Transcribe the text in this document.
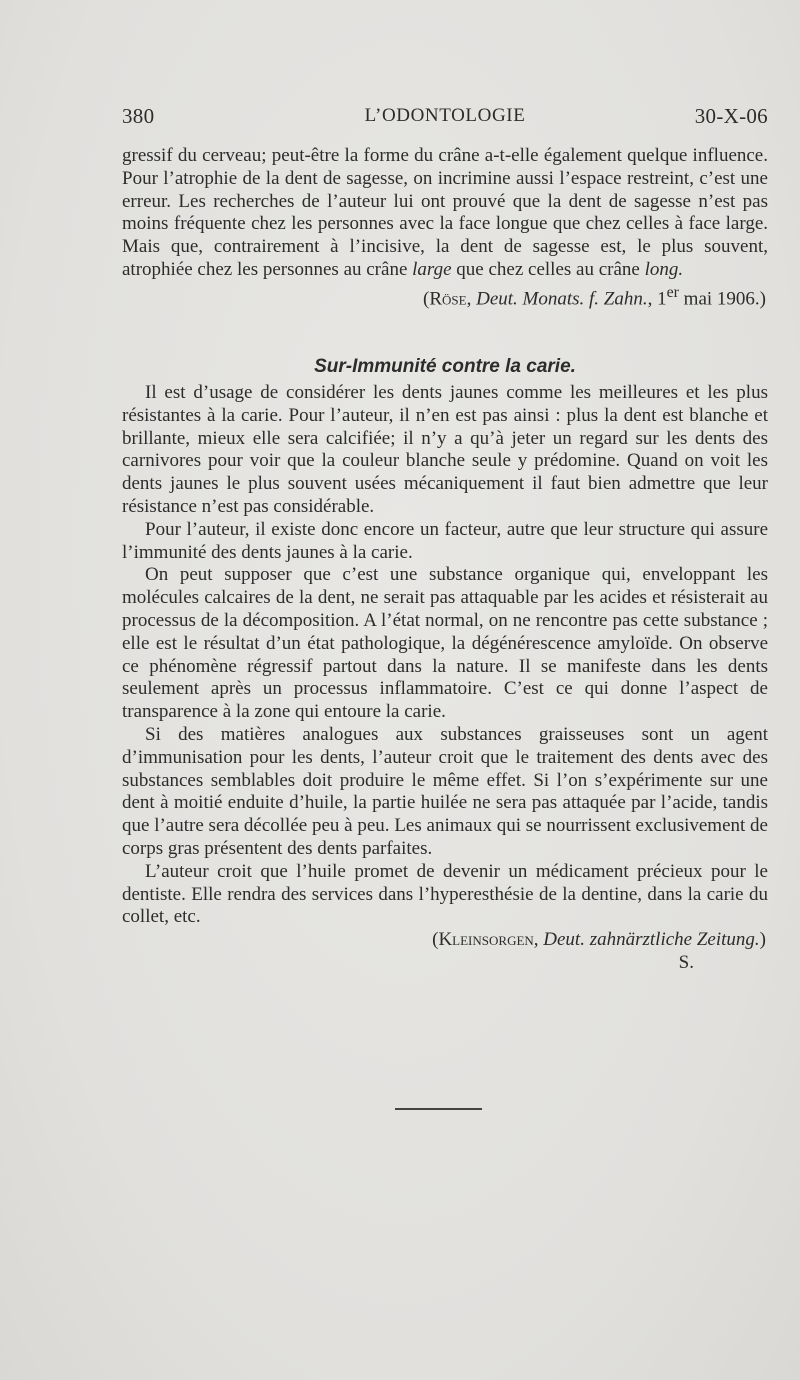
380	L’ODONTOLOGIE	30-X-06

gressif du cerveau; peut-être la forme du crâne a-t-elle également quelque influence. Pour l’atrophie de la dent de sagesse, on incrimine aussi l’espace restreint, c’est une erreur. Les recherches de l’auteur lui ont prouvé que la dent de sagesse n’est pas moins fréquente chez les personnes avec la face longue que chez celles à face large. Mais que, contrairement à l’incisive, la dent de sagesse est, le plus souvent, atrophiée chez les personnes au crâne large que chez celles au crâne long.

(Röse, Deut. Monats. f. Zahn., 1er mai 1906.)

Sur-Immunité contre la carie.

Il est d’usage de considérer les dents jaunes comme les meilleures et les plus résistantes à la carie. Pour l’auteur, il n’en est pas ainsi : plus la dent est blanche et brillante, mieux elle sera calcifiée; il n’y a qu’à jeter un regard sur les dents des carnivores pour voir que la couleur blanche seule y prédomine. Quand on voit les dents jaunes le plus souvent usées mécaniquement il faut bien admettre que leur résistance n’est pas considérable.

Pour l’auteur, il existe donc encore un facteur, autre que leur structure qui assure l’immunité des dents jaunes à la carie.

On peut supposer que c’est une substance organique qui, enveloppant les molécules calcaires de la dent, ne serait pas attaquable par les acides et résisterait au processus de la décomposition. A l’état normal, on ne rencontre pas cette substance ; elle est le résultat d’un état pathologique, la dégénérescence amyloïde. On observe ce phénomène régressif partout dans la nature. Il se manifeste dans les dents seulement après un processus inflammatoire. C’est ce qui donne l’aspect de transparence à la zone qui entoure la carie.

Si des matières analogues aux substances graisseuses sont un agent d’immunisation pour les dents, l’auteur croit que le traitement des dents avec des substances semblables doit produire le même effet. Si l’on s’expérimente sur une dent à moitié enduite d’huile, la partie huilée ne sera pas attaquée par l’acide, tandis que l’autre sera décollée peu à peu. Les animaux qui se nourrissent exclusivement de corps gras présentent des dents parfaites.

L’auteur croit que l’huile promet de devenir un médicament précieux pour le dentiste. Elle rendra des services dans l’hyperesthésie de la dentine, dans la carie du collet, etc.

(Kleinsorgen, Deut. zahnärztliche Zeitung.)

S.
